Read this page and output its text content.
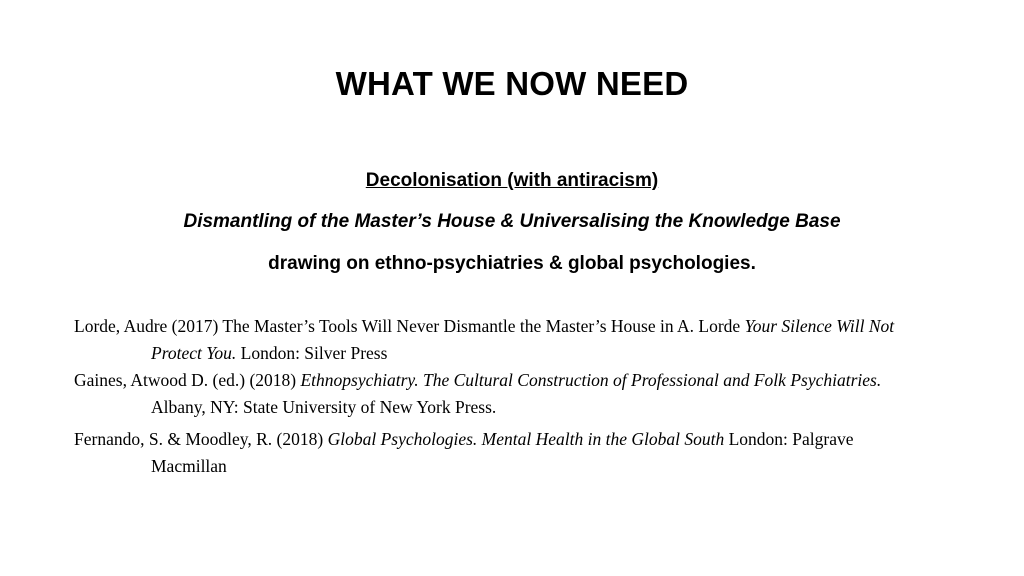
WHAT WE NOW NEED
Decolonisation (with antiracism)
Dismantling of the Master’s House & Universalising the Knowledge Base
drawing on ethno-psychiatries & global psychologies.
Lorde, Audre (2017) The Master’s Tools Will Never Dismantle the Master’s House in A. Lorde Your Silence Will Not Protect You. London: Silver Press
Gaines, Atwood D. (ed.) (2018) Ethnopsychiatry. The Cultural Construction of Professional and Folk Psychiatries. Albany, NY: State University of New York Press.
Fernando, S. & Moodley, R. (2018) Global Psychologies. Mental Health in the Global South London: Palgrave Macmillan
